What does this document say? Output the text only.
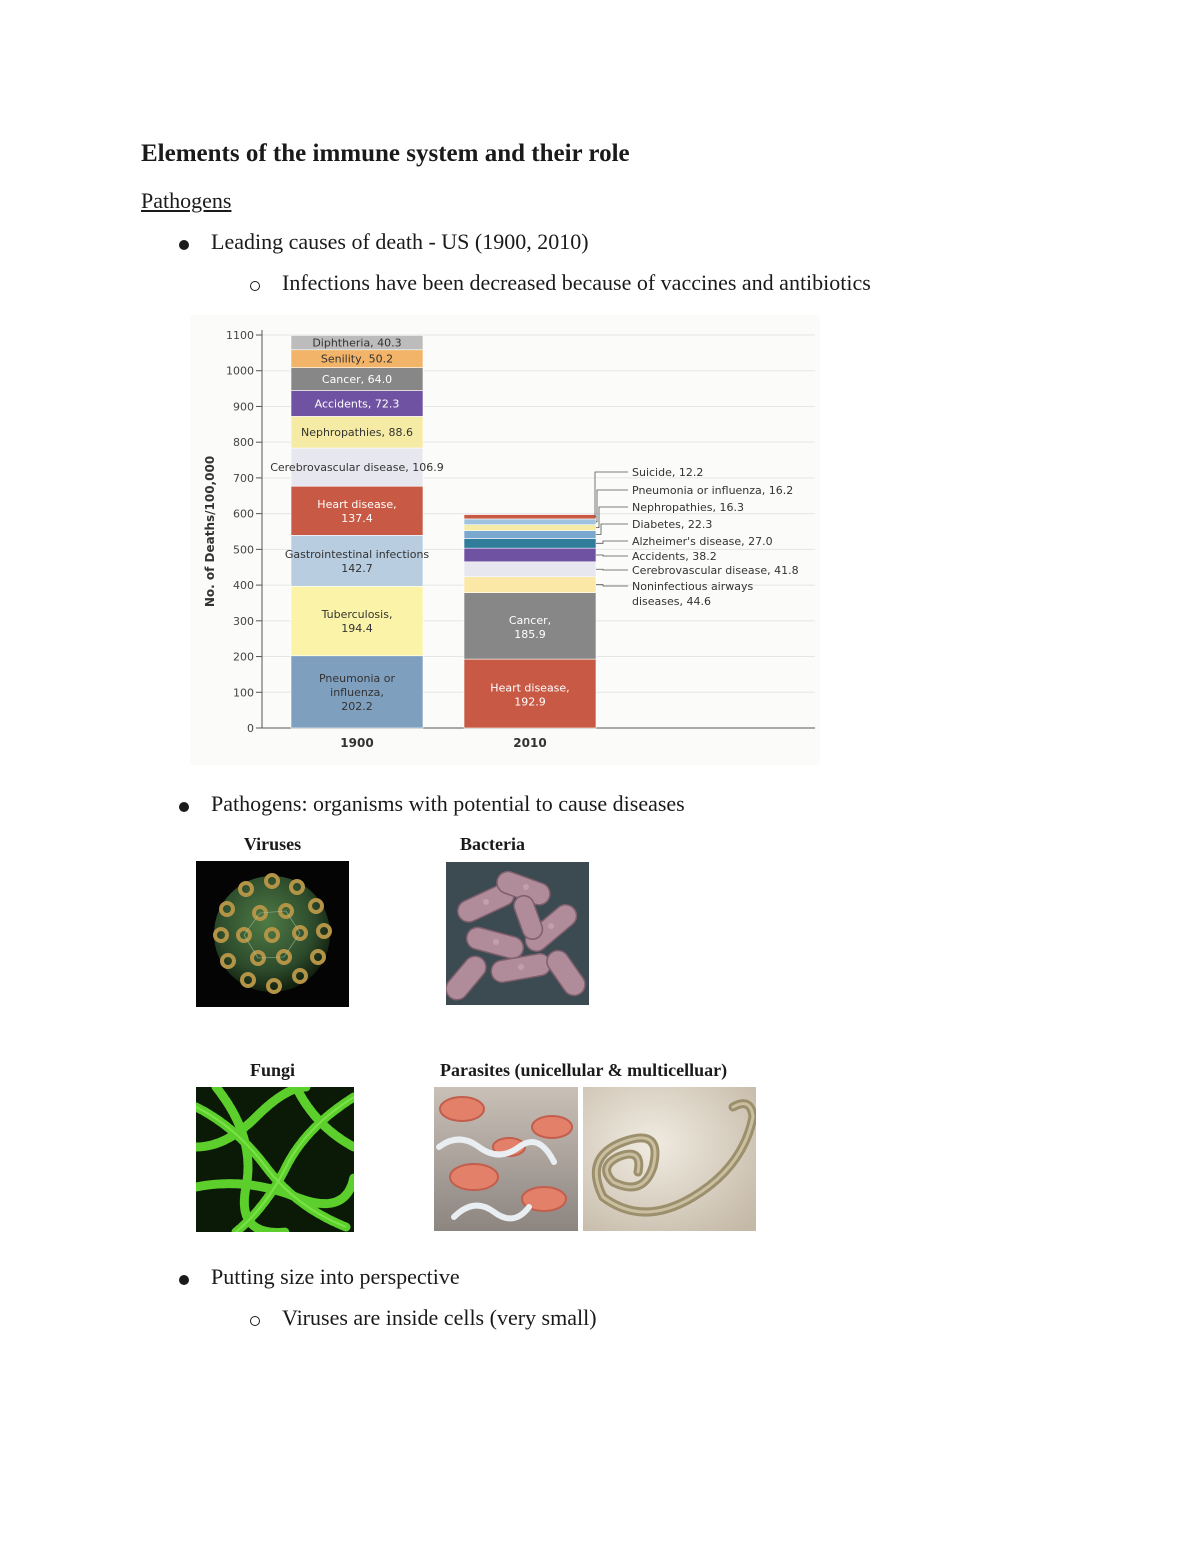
Elements of the immune system and their role
Pathogens
Leading causes of death - US (1900, 2010)
Infections have been decreased because of vaccines and antibiotics
0
100
200
300
400
500
600
700
800
900
1000
1100
No. of Deaths/100,000
Pneumonia or influenza, 202.2
Tuberculosis, 194.4
Gastrointestinal infections 142.7
Heart disease, 137.4
Cerebrovascular disease, 106.9
Nephropathies, 88.6
Accidents, 72.3
Cancer, 64.0
Senility, 50.2
Diphtheria, 40.3
1900
Heart disease, 192.9
Cancer, 185.9
2010
Suicide, 12.2
Pneumonia or influenza, 16.2
Nephropathies, 16.3
Diabetes, 22.3
Alzheimer's disease, 27.0
Accidents, 38.2
Cerebrovascular disease, 41.8
Noninfectious airways diseases, 44.6
Pathogens: organisms with potential to cause diseases
Viruses	Bacteria
Fungi	Parasites (unicellular & multicelluar)
Putting size into perspective
Viruses are inside cells (very small)
